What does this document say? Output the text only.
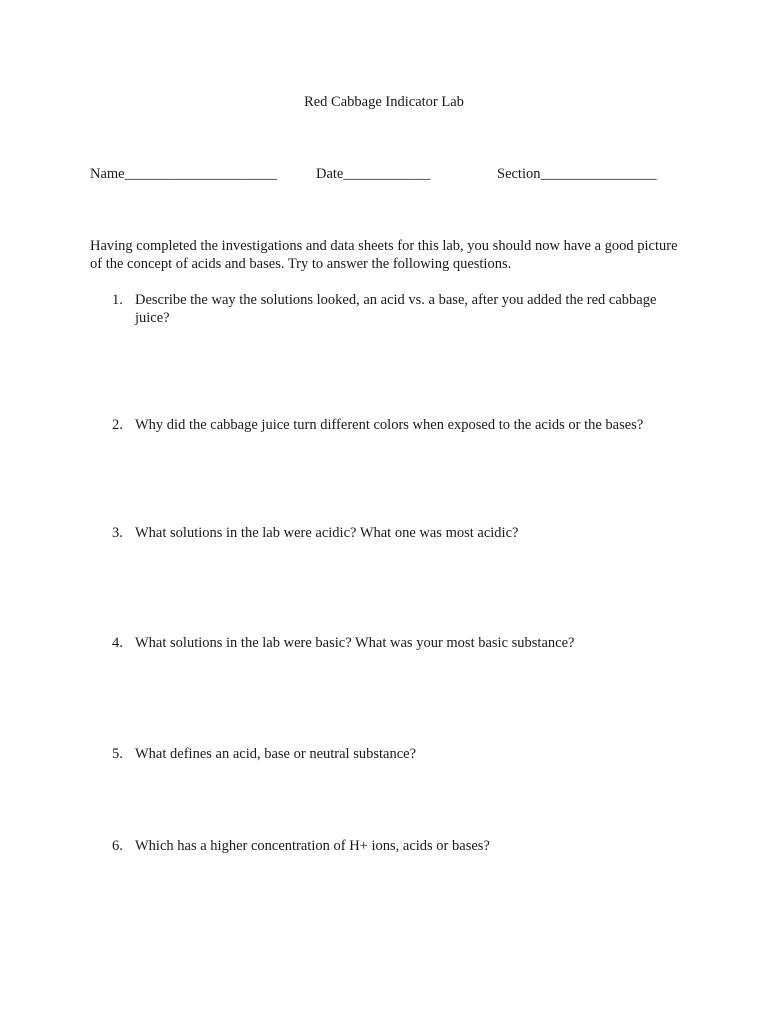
Red Cabbage Indicator Lab
Name_____________________	Date____________	Section________________
Having completed the investigations and data sheets for this lab, you should now have a good picture of the concept of acids and bases. Try to answer the following questions.
1. Describe the way the solutions looked, an acid vs. a base, after you added the red cabbage juice?
2. Why did the cabbage juice turn different colors when exposed to the acids or the bases?
3. What solutions in the lab were acidic? What one was most acidic?
4. What solutions in the lab were basic? What was your most basic substance?
5. What defines an acid, base or neutral substance?
6. Which has a higher concentration of H+ ions, acids or bases?
